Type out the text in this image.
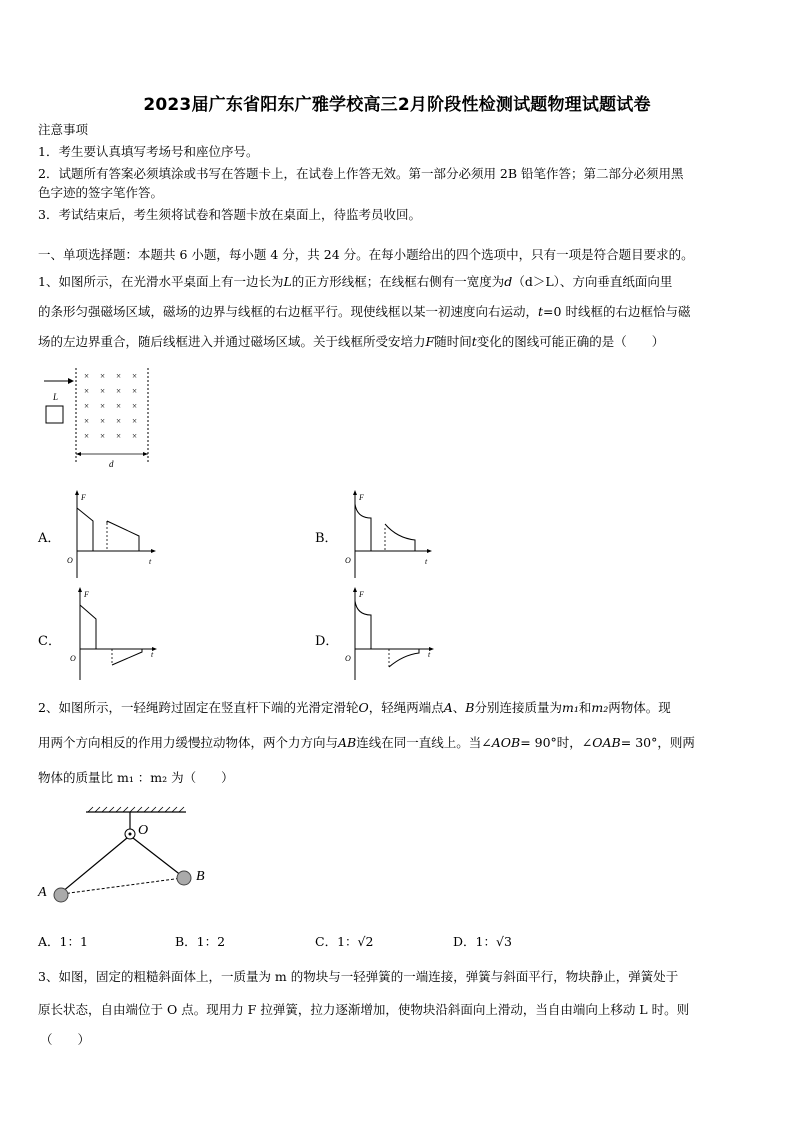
2023届广东省阳东广雅学校高三2月阶段性检测试题物理试题试卷
注意事项
1．考生要认真填写考场号和座位序号。
2．试题所有答案必须填涂或书写在答题卡上，在试卷上作答无效。第一部分必须用 2B 铅笔作答；第二部分必须用黑
色字迹的签字笔作答。
3．考试结束后，考生须将试卷和答题卡放在桌面上，待监考员收回。
一、单项选择题：本题共 6 小题，每小题 4 分，共 24 分。在每小题给出的四个选项中，只有一项是符合题目要求的。
1、如图所示，在光滑水平桌面上有一边长为L的正方形线框；在线框右侧有一宽度为d（d＞L）、方向垂直纸面向里
的条形匀强磁场区域，磁场的边界与线框的右边框平行。现使线框以某一初速度向右运动，t=0 时线框的右边框恰与磁
场的左边界重合，随后线框进入并通过磁场区域。关于线框所受安培力F随时间t变化的图线可能正确的是（　　）
L
× × × ×
× × × ×
× × × ×
× × × ×
× × × ×
d
A．
F
t
O
B．
F
t
O
C．
F
t
O
D．
F
t
O
2、如图所示，一轻绳跨过固定在竖直杆下端的光滑定滑轮O，轻绳两端点A、B分别连接质量为m₁和m₂两物体。现
用两个方向相反的作用力缓慢拉动物体，两个力方向与AB连线在同一直线上。当∠AOB= 90°时，∠OAB= 30°，则两
物体的质量比 m₁ ：m₂ 为（　　）
O
A
B
A．1：1	B．1：2	C．1：√2	D．1：√3
3、如图，固定的粗糙斜面体上，一质量为 m 的物块与一轻弹簧的一端连接，弹簧与斜面平行，物块静止，弹簧处于
原长状态，自由端位于 O 点。现用力 F 拉弹簧，拉力逐渐增加，使物块沿斜面向上滑动，当自由端向上移动 L 时。则
（　　）
